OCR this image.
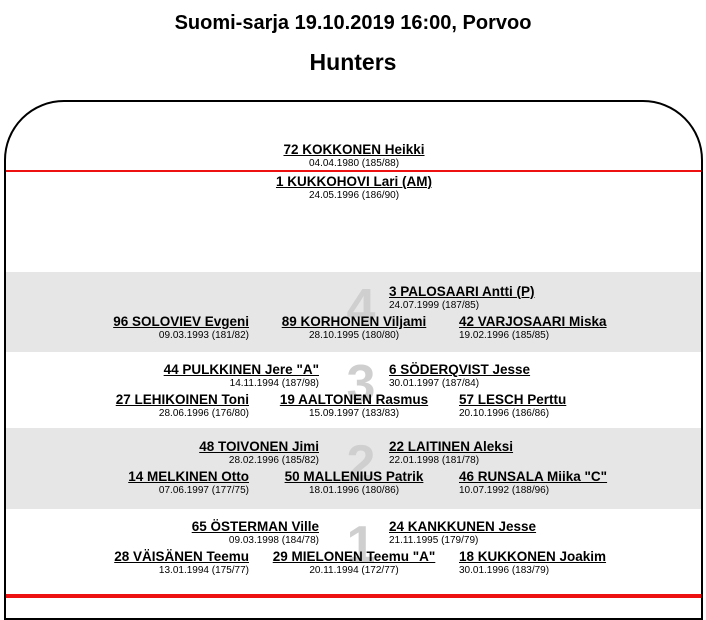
Suomi-sarja 19.10.2019 16:00, Porvoo
Hunters
72 KOKKONEN Heikki
04.04.1980 (185/88)
1 KUKKOHOVI Lari (AM)
24.05.1996 (186/90)
4	3 PALOSAARI Antti (P)
24.07.1999 (187/85)
96 SOLOVIEV Evgeni
09.03.1993 (181/82)
89 KORHONEN Viljami
28.10.1995 (180/80)
42 VARJOSAARI Miska
19.02.1996 (185/85)
3
44 PULKKINEN Jere "A"
14.11.1994 (187/98)
6 SÖDERQVIST Jesse
30.01.1997 (187/84)
27 LEHIKOINEN Toni
28.06.1996 (176/80)
19 AALTONEN Rasmus
15.09.1997 (183/83)
57 LESCH Perttu
20.10.1996 (186/86)
2
48 TOIVONEN Jimi
28.02.1996 (185/82)
22 LAITINEN Aleksi
22.01.1998 (181/78)
14 MELKINEN Otto
07.06.1997 (177/75)
50 MALLENIUS Patrik
18.01.1996 (180/86)
46 RUNSALA Miika "C"
10.07.1992 (188/96)
1
65 ÖSTERMAN Ville
09.03.1998 (184/78)
24 KANKKUNEN Jesse
21.11.1995 (179/79)
28 VÄISÄNEN Teemu
13.01.1994 (175/77)
29 MIELONEN Teemu "A"
20.11.1994 (172/77)
18 KUKKONEN Joakim
30.01.1996 (183/79)
